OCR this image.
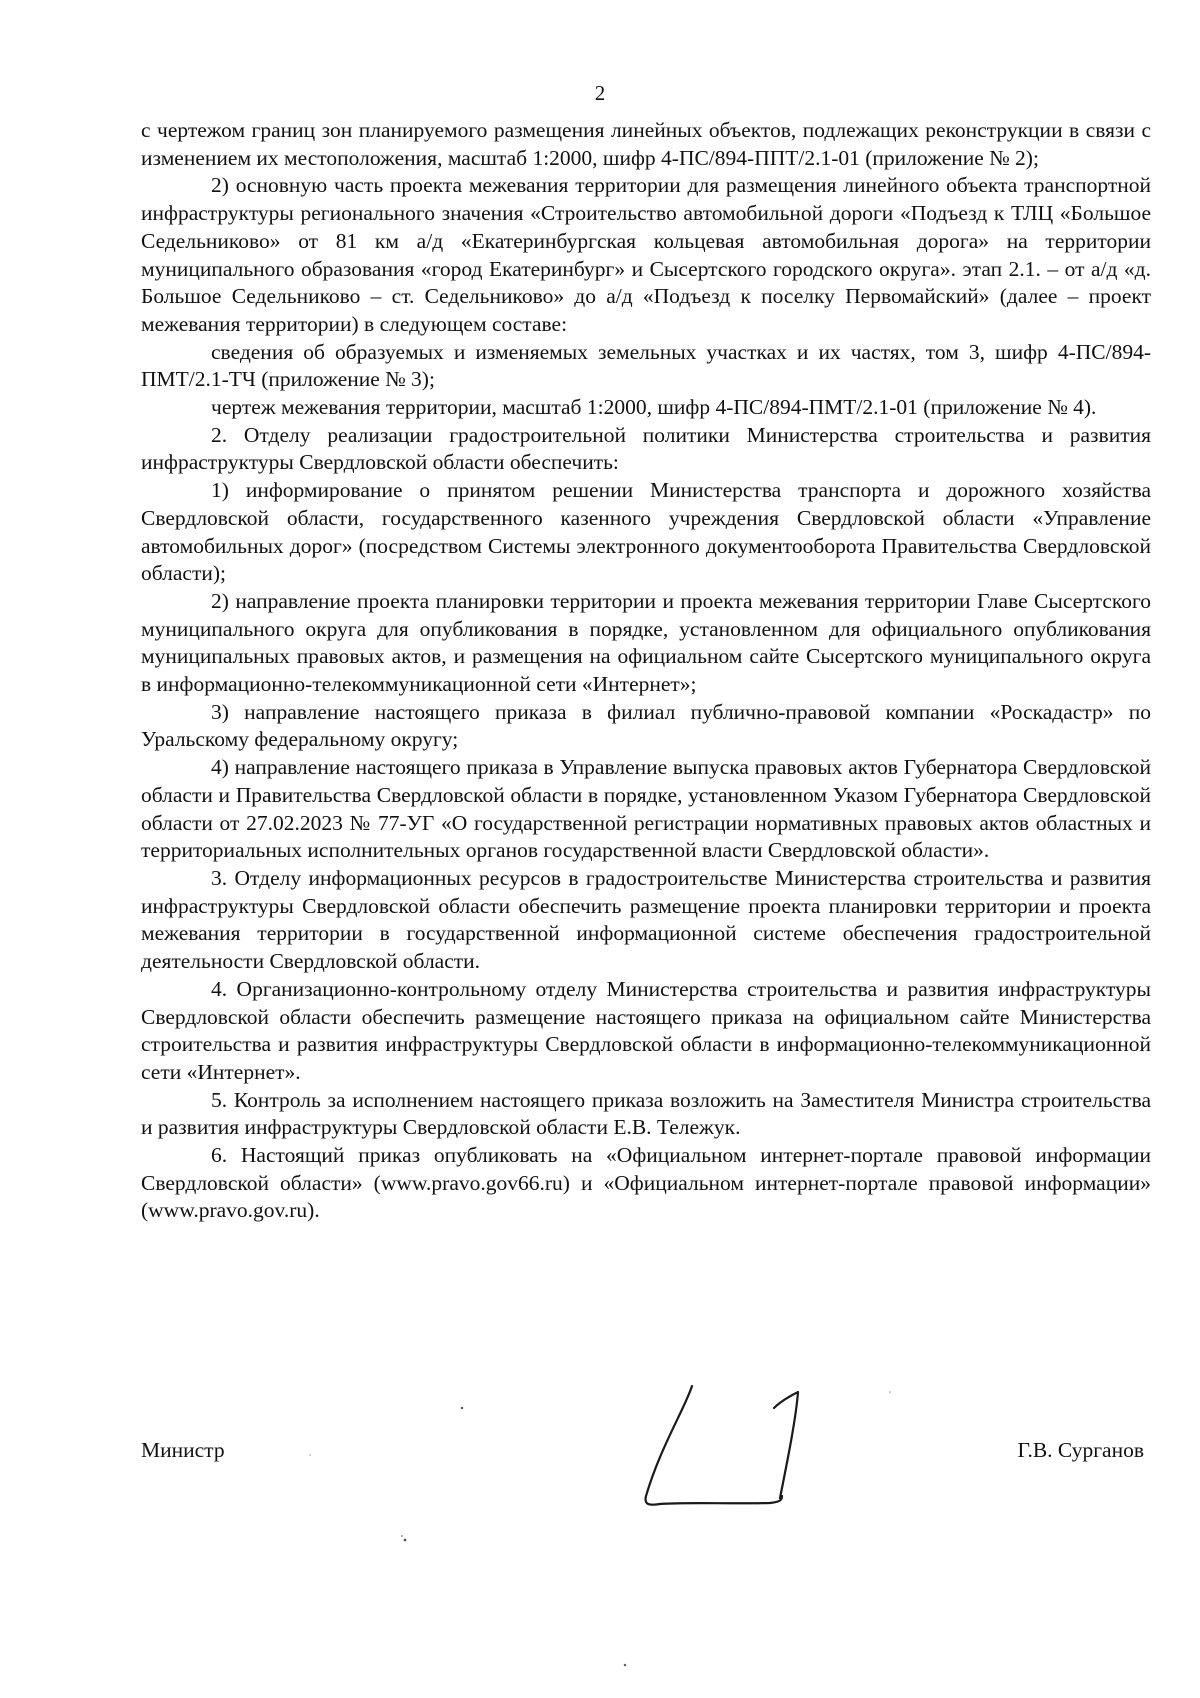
2

с чертежом границ зон планируемого размещения линейных объектов, подлежащих реконструкции в связи с изменением их местоположения, масштаб 1:2000, шифр 4-ПС/894-ППТ/2.1-01 (приложение № 2);

2) основную часть проекта межевания территории для размещения линейного объекта транспортной инфраструктуры регионального значения «Строительство автомобильной дороги «Подъезд к ТЛЦ «Большое Седельниково» от 81 км а/д «Екатеринбургская кольцевая автомобильная дорога» на территории муниципального образования «город Екатеринбург» и Сысертского городского округа». этап 2.1. – от а/д «д. Большое Седельниково – ст. Седельниково» до а/д «Подъезд к поселку Первомайский» (далее – проект межевания территории) в следующем составе:

сведения об образуемых и изменяемых земельных участках и их частях, том 3, шифр 4-ПС/894-ПМТ/2.1-ТЧ (приложение № 3);

чертеж межевания территории, масштаб 1:2000, шифр 4-ПС/894-ПМТ/2.1-01 (приложение № 4).

2. Отделу реализации градостроительной политики Министерства строительства и развития инфраструктуры Свердловской области обеспечить:

1) информирование о принятом решении Министерства транспорта и дорожного хозяйства Свердловской области, государственного казенного учреждения Свердловской области «Управление автомобильных дорог» (посредством Системы электронного документооборота Правительства Свердловской области);

2) направление проекта планировки территории и проекта межевания территории Главе Сысертского муниципального округа для опубликования в порядке, установленном для официального опубликования муниципальных правовых актов, и размещения на официальном сайте Сысертского муниципального округа в информационно-телекоммуникационной сети «Интернет»;

3) направление настоящего приказа в филиал публично-правовой компании «Роскадастр» по Уральскому федеральному округу;

4) направление настоящего приказа в Управление выпуска правовых актов Губернатора Свердловской области и Правительства Свердловской области в порядке, установленном Указом Губернатора Свердловской области от 27.02.2023 № 77-УГ «О государственной регистрации нормативных правовых актов областных и территориальных исполнительных органов государственной власти Свердловской области».

3. Отделу информационных ресурсов в градостроительстве Министерства строительства и развития инфраструктуры Свердловской области обеспечить размещение проекта планировки территории и проекта межевания территории в государственной информационной системе обеспечения градостроительной деятельности Свердловской области.

4. Организационно-контрольному отделу Министерства строительства и развития инфраструктуры Свердловской области обеспечить размещение настоящего приказа на официальном сайте Министерства строительства и развития инфраструктуры Свердловской области в информационно-телекоммуникационной сети «Интернет».

5. Контроль за исполнением настоящего приказа возложить на Заместителя Министра строительства и развития инфраструктуры Свердловской области Е.В. Тележук.

6. Настоящий приказ опубликовать на «Официальном интернет-портале правовой информации Свердловской области» (www.pravo.gov66.ru) и «Официальном интернет-портале правовой информации» (www.pravo.gov.ru).

Министр	Г.В. Сурганов
